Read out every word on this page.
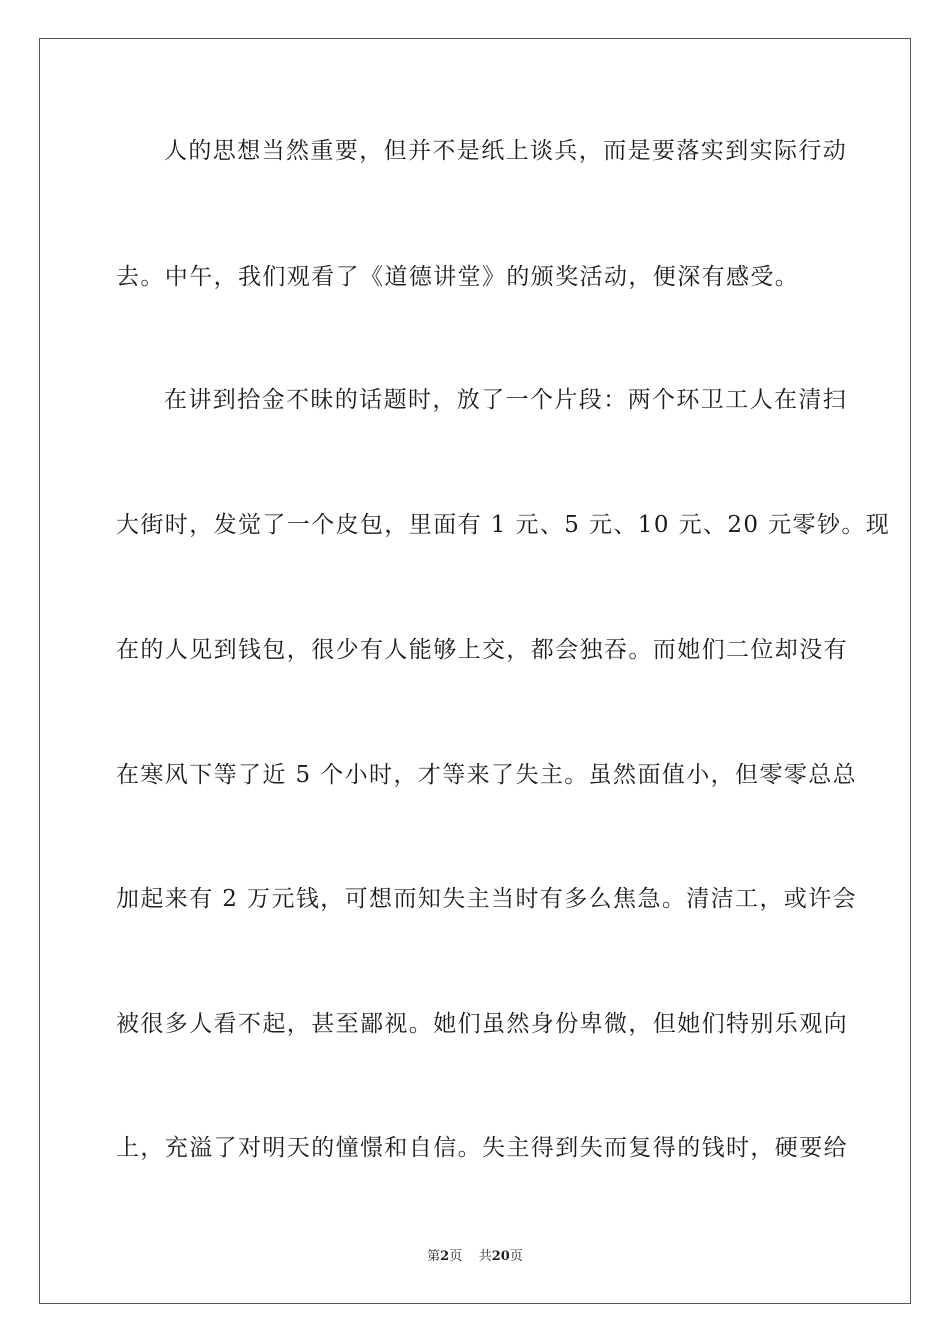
人的思想当然重要，但并不是纸上谈兵，而是要落实到实际行动
去。中午，我们观看了《道德讲堂》的颁奖活动，便深有感受。
在讲到拾金不昧的话题时，放了一个片段：两个环卫工人在清扫
大街时，发觉了一个皮包，里面有 1 元、5 元、10 元、20 元零钞。现
在的人见到钱包，很少有人能够上交，都会独吞。而她们二位却没有
在寒风下等了近 5 个小时，才等来了失主。虽然面值小，但零零总总
加起来有 2 万元钱，可想而知失主当时有多么焦急。清洁工，或许会
被很多人看不起，甚至鄙视。她们虽然身份卑微，但她们特别乐观向
上，充溢了对明天的憧憬和自信。失主得到失而复得的钱时，硬要给
第2页 共20页
